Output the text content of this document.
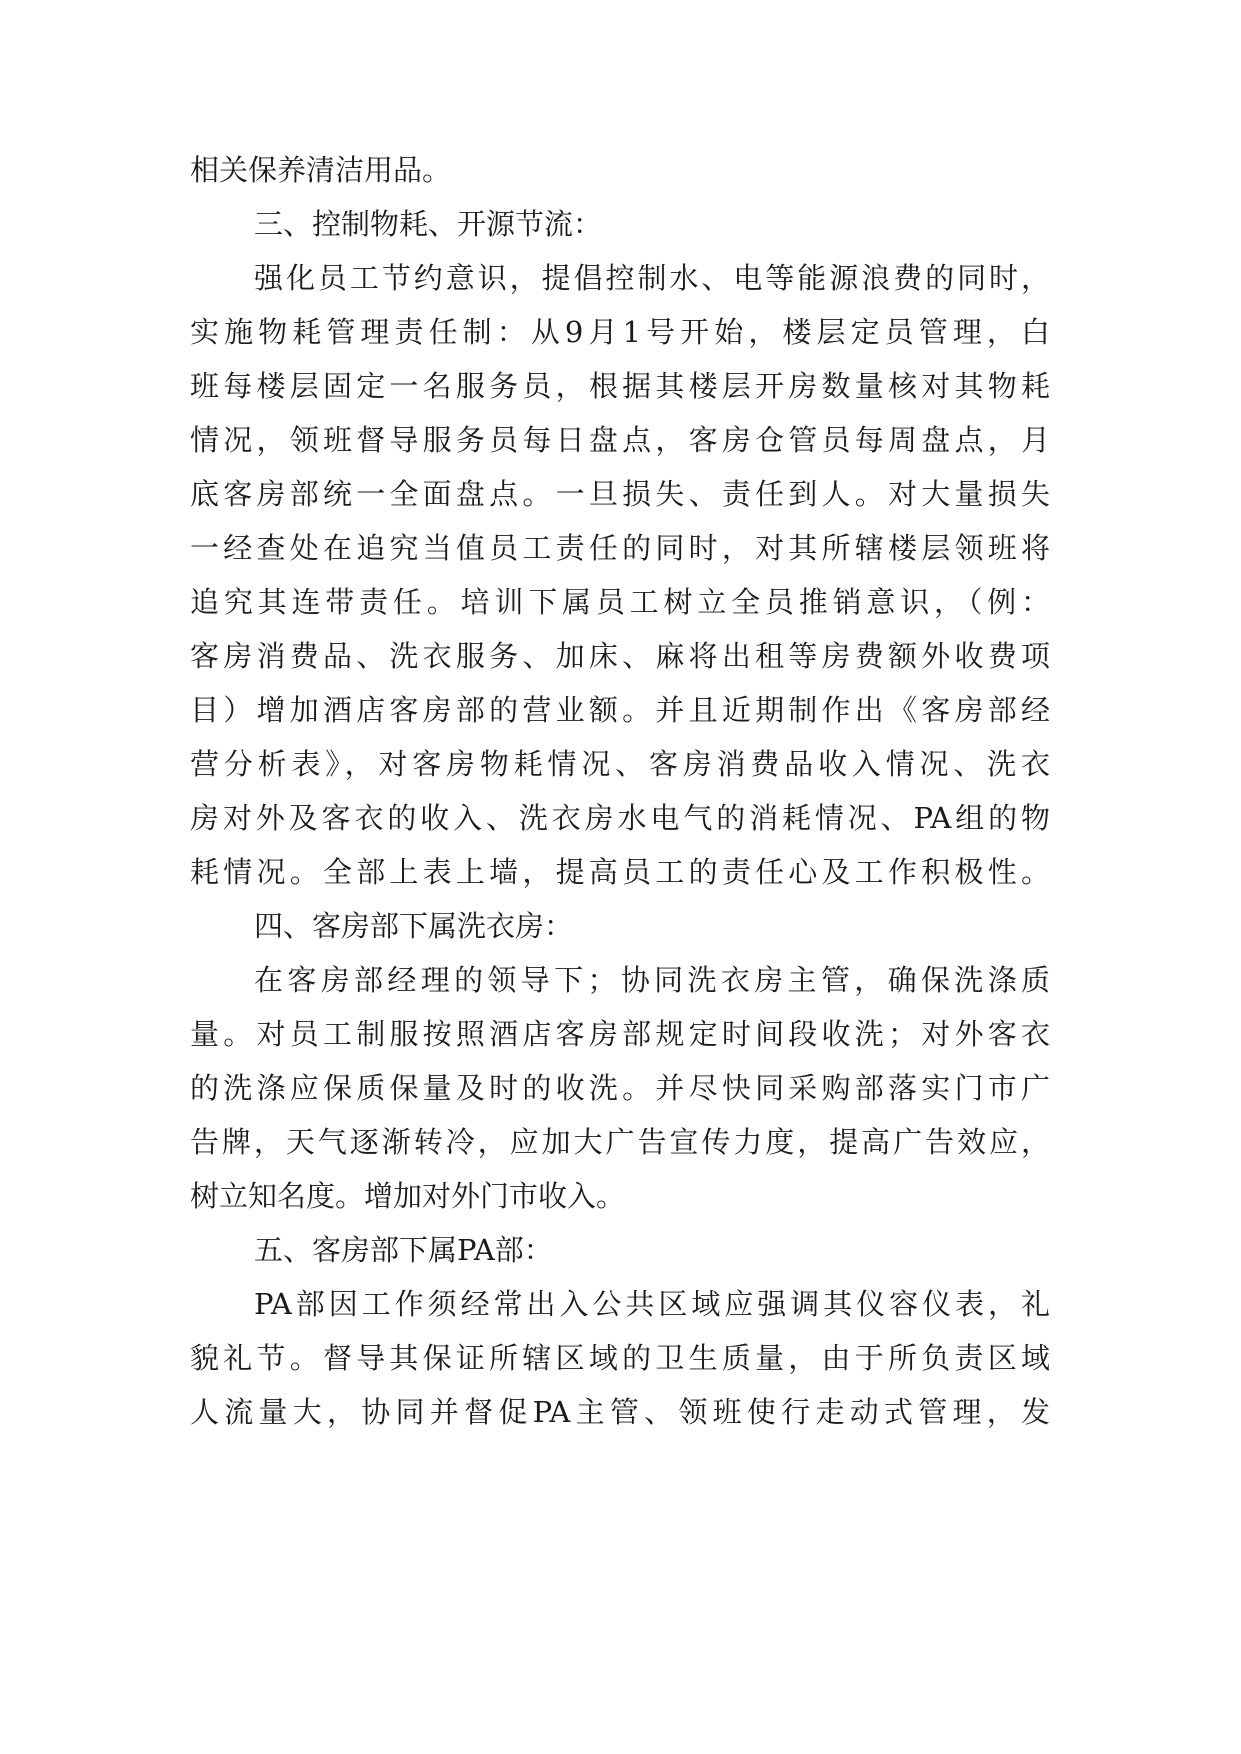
相关保养清洁用品。
三、控制物耗、开源节流：
强化员工节约意识，提倡控制水、电等能源浪费的同时，
实施物耗管理责任制：从9月1号开始，楼层定员管理，白
班每楼层固定一名服务员，根据其楼层开房数量核对其物耗
情况，领班督导服务员每日盘点，客房仓管员每周盘点，月
底客房部统一全面盘点。一旦损失、责任到人。对大量损失
一经查处在追究当值员工责任的同时，对其所辖楼层领班将
追究其连带责任。培训下属员工树立全员推销意识，（例：
客房消费品、洗衣服务、加床、麻将出租等房费额外收费项
目）增加酒店客房部的营业额。并且近期制作出《客房部经
营分析表》，对客房物耗情况、客房消费品收入情况、洗衣
房对外及客衣的收入、洗衣房水电气的消耗情况、PA组的物
耗情况。全部上表上墙，提高员工的责任心及工作积极性。
四、客房部下属洗衣房：
在客房部经理的领导下；协同洗衣房主管，确保洗涤质
量。对员工制服按照酒店客房部规定时间段收洗；对外客衣
的洗涤应保质保量及时的收洗。并尽快同采购部落实门市广
告牌，天气逐渐转冷，应加大广告宣传力度，提高广告效应，
树立知名度。增加对外门市收入。
五、客房部下属PA部：
PA部因工作须经常出入公共区域应强调其仪容仪表，礼
貌礼节。督导其保证所辖区域的卫生质量，由于所负责区域
人流量大，协同并督促PA主管、领班使行走动式管理，发
